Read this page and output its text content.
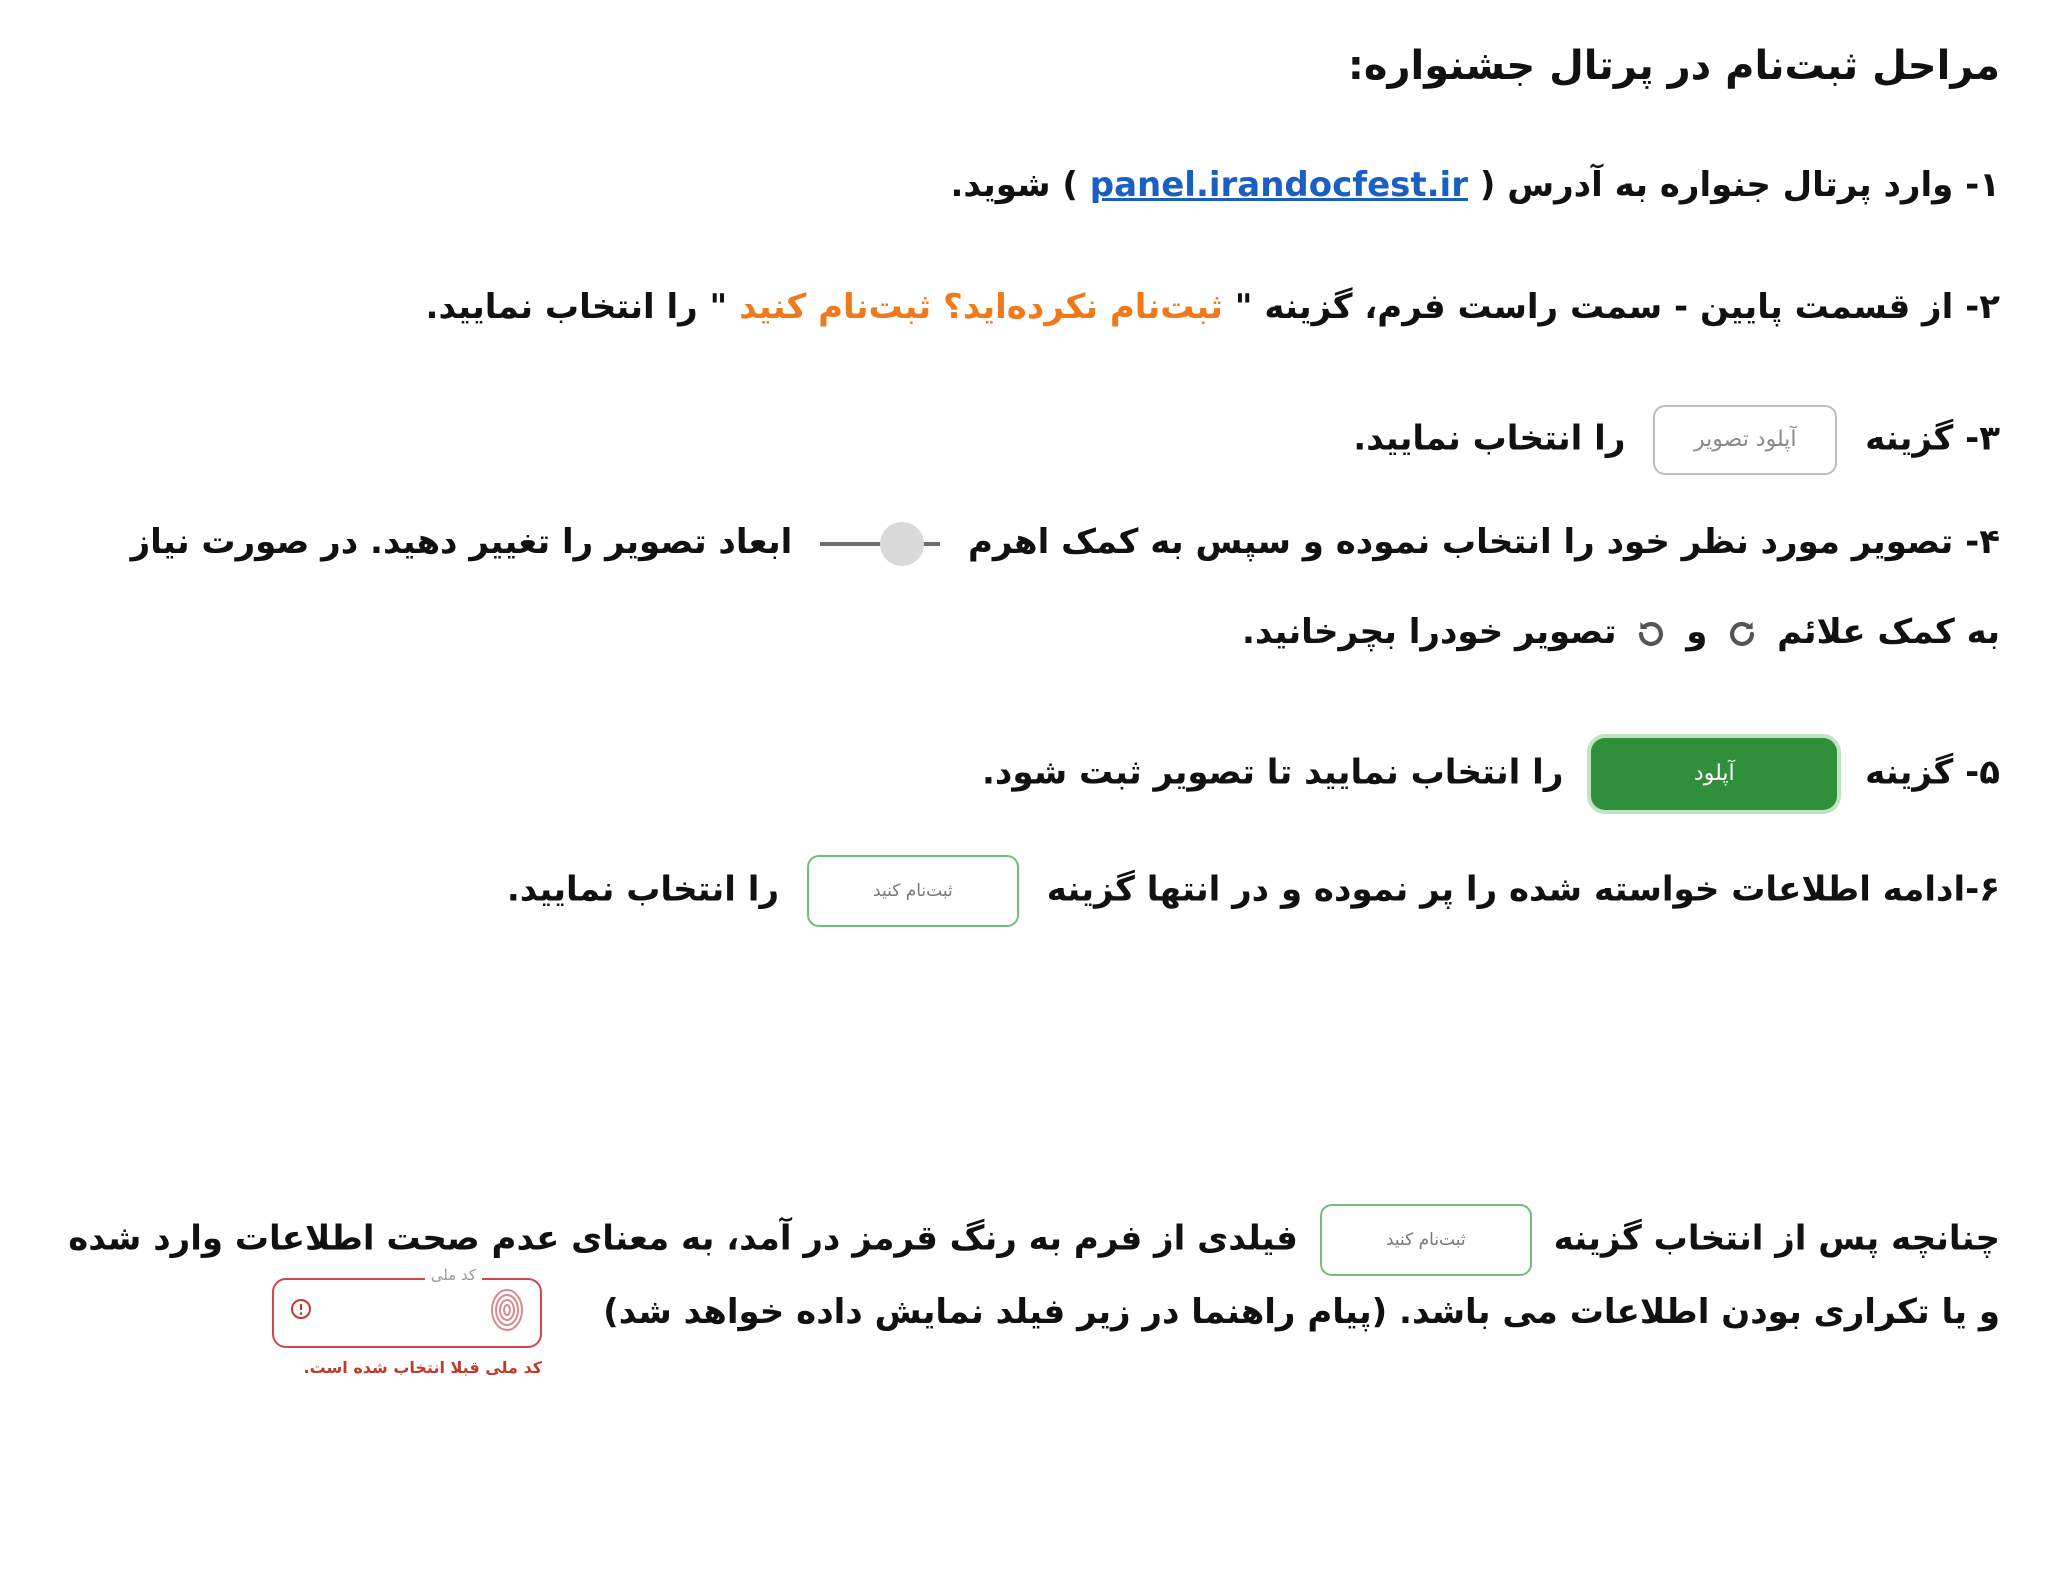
مراحل ثبت‌نام در پرتال جشنواره:
۱- وارد پرتال جنواره به آدرس ( panel.irandocfest.ir ) شوید.
۲- از قسمت پایین - سمت راست فرم، گزینه " ثبت‌نام نکرده‌اید؟ ثبت‌نام کنید " را انتخاب نمایید.
۳- گزینه آپلود تصویر را انتخاب نمایید.
۴- تصویر مورد نظر خود را انتخاب نموده و سپس به کمک اهرم
ابعاد تصویر را تغییر دهید. در صورت نیاز
به کمک علائم  و  تصویر خودرا بچرخانید.
۵- گزینه آپلود را انتخاب نمایید تا تصویر ثبت شود.
۶-ادامه اطلاعات خواسته شده را پر نموده و در انتها گزینه ثبت‌نام کنید را انتخاب نمایید.
چنانچه پس از انتخاب گزینه ثبت‌نام کنید فیلدی از فرم به رنگ قرمز در آمد، به معنای عدم صحت اطلاعات وارد شده
و یا تکراری بودن اطلاعات می باشد. (پیام راهنما در زیر فیلد نمایش داده خواهد شد)
کد ملی
کد ملی قبلا انتخاب شده است.
